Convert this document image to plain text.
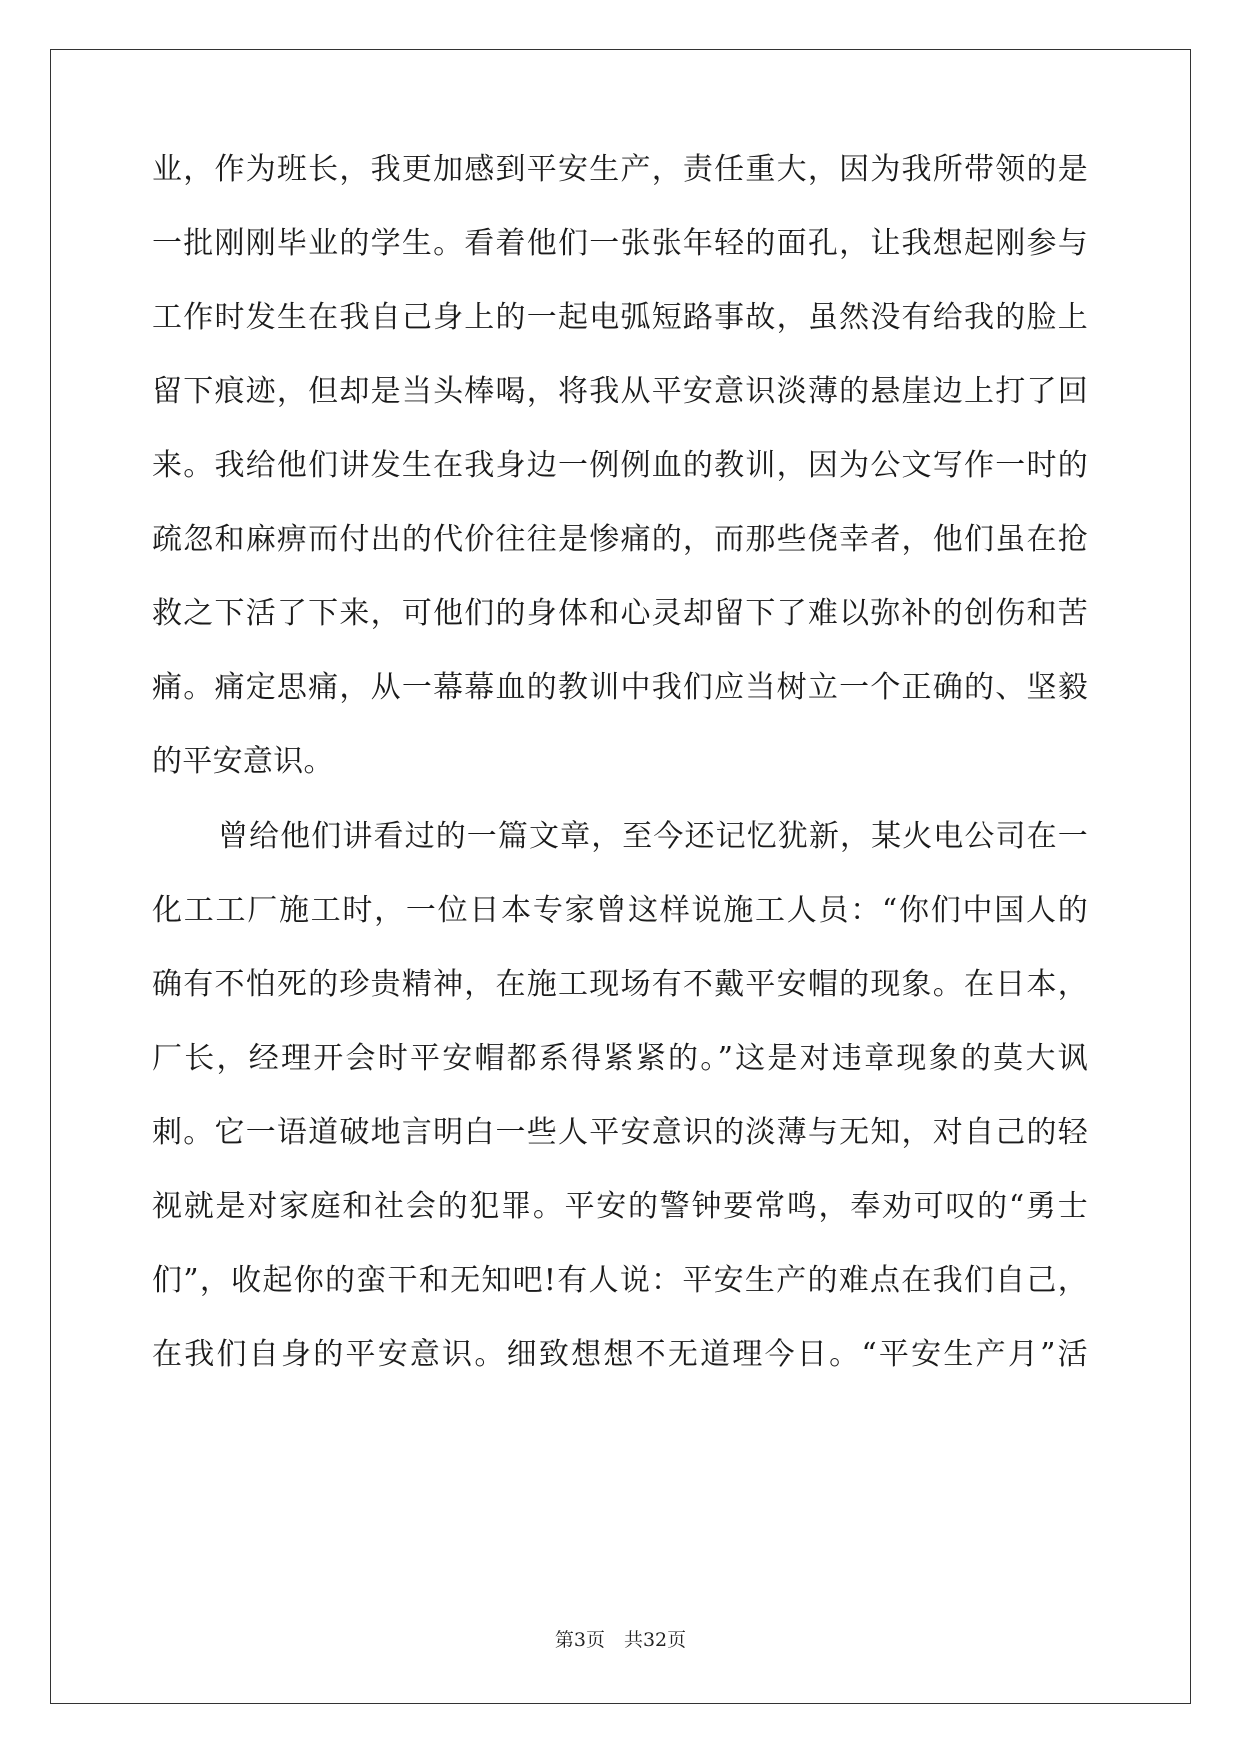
业，作为班长，我更加感到平安生产，责任重大，因为我所带领的是
一批刚刚毕业的学生。看着他们一张张年轻的面孔，让我想起刚参与
工作时发生在我自己身上的一起电弧短路事故，虽然没有给我的脸上
留下痕迹，但却是当头棒喝，将我从平安意识淡薄的悬崖边上打了回
来。我给他们讲发生在我身边一例例血的教训，因为公文写作一时的
疏忽和麻痹而付出的代价往往是惨痛的，而那些侥幸者，他们虽在抢
救之下活了下来，可他们的身体和心灵却留下了难以弥补的创伤和苦
痛。痛定思痛，从一幕幕血的教训中我们应当树立一个正确的、坚毅
的平安意识。
曾给他们讲看过的一篇文章，至今还记忆犹新，某火电公司在一
化工工厂施工时，一位日本专家曾这样说施工人员：“你们中国人的
确有不怕死的珍贵精神，在施工现场有不戴平安帽的现象。在日本，
厂长，经理开会时平安帽都系得紧紧的。”这是对违章现象的莫大讽
刺。它一语道破地言明白一些人平安意识的淡薄与无知，对自己的轻
视就是对家庭和社会的犯罪。平安的警钟要常鸣，奉劝可叹的“勇士
们”，收起你的蛮干和无知吧!有人说：平安生产的难点在我们自己，
在我们自身的平安意识。细致想想不无道理今日。“平安生产月”活
第3页　共32页
